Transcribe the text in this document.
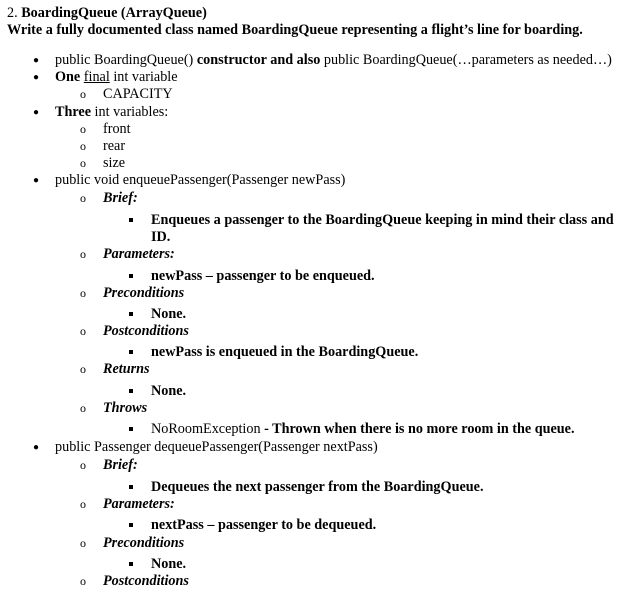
2. BoardingQueue (ArrayQueue)
Write a fully documented class named BoardingQueue representing a flight’s line for boarding.
● public BoardingQueue() constructor and also public BoardingQueue(…parameters as needed…)
● One final int variable
o CAPACITY
● Three int variables:
o front
o rear
o size
● public void enqueuePassenger(Passenger newPass)
o Brief:
Enqueues a passenger to the BoardingQueue keeping in mind their class and
ID.
o Parameters:
newPass – passenger to be enqueued.
o Preconditions
None.
o Postconditions
newPass is enqueued in the BoardingQueue.
o Returns
None.
o Throws
NoRoomException - Thrown when there is no more room in the queue.
● public Passenger dequeuePassenger(Passenger nextPass)
o Brief:
Dequeues the next passenger from the BoardingQueue.
o Parameters:
nextPass – passenger to be dequeued.
o Preconditions
None.
o Postconditions
